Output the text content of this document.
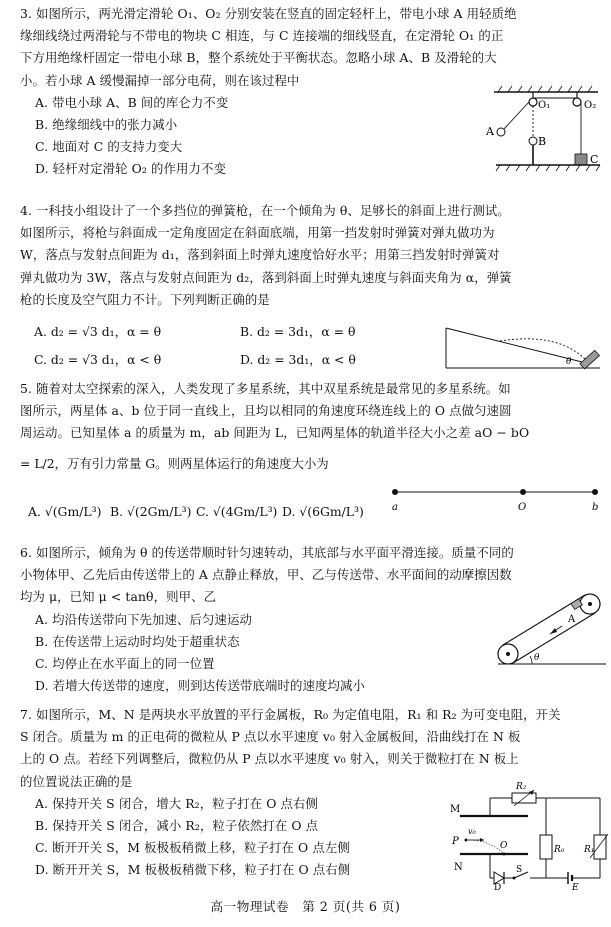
3. 如图所示，两光滑定滑轮 O₁、O₂ 分别安装在竖直的固定轻杆上，带电小球 A 用轻质绝
缘细线绕过两滑轮与不带电的物块 C 相连，与 C 连接端的细线竖直，在定滑轮 O₁ 的正
下方用绝缘杆固定一带电小球 B，整个系统处于平衡状态。忽略小球 A、B 及滑轮的大
小。若小球 A 缓慢漏掉一部分电荷，则在该过程中
A. 带电小球 A、B 间的库仑力不变
B. 绝缘细线中的张力减小
C. 地面对 C 的支持力变大
D. 轻杆对定滑轮 O₂ 的作用力不变
O₁	O₂
A
B
C
4. 一科技小组设计了一个多挡位的弹簧枪，在一个倾角为 θ、足够长的斜面上进行测试。
如图所示，将枪与斜面成一定角度固定在斜面底端，用第一挡发射时弹簧对弹丸做功为
W，落点与发射点间距为 d₁，落到斜面上时弹丸速度恰好水平；用第三挡发射时弹簧对
弹丸做功为 3W，落点与发射点间距为 d₂，落到斜面上时弹丸速度与斜面夹角为 α，弹簧
枪的长度及空气阻力不计。下列判断正确的是
A. d₂ = √3 d₁，α = θ	B. d₂ = 3d₁，α = θ
C. d₂ = √3 d₁，α < θ	D. d₂ = 3d₁，α < θ	θ
5. 随着对太空探索的深入，人类发现了多星系统，其中双星系统是最常见的多星系统。如
图所示，两星体 a、b 位于同一直线上，且均以相同的角速度环绕连线上的 O 点做匀速圆
周运动。已知星体 a 的质量为 m，ab 间距为 L，已知两星体的轨道半径大小之差 aO − bO
= L/2，万有引力常量 G。则两星体运行的角速度大小为
A. √(Gm/L³) B. √(2Gm/L³) C. √(4Gm/L³) D. √(6Gm/L³)	a	O	b
6. 如图所示，倾角为 θ 的传送带顺时针匀速转动，其底部与水平面平滑连接。质量不同的
小物体甲、乙先后由传送带上的 A 点静止释放，甲、乙与传送带、水平面间的动摩擦因数
均为 μ，已知 μ < tanθ，则甲、乙
A. 均沿传送带向下先加速、后匀速运动
B. 在传送带上运动时均处于超重状态
C. 均停止在水平面上的同一位置
D. 若增大传送带的速度，则到达传送带底端时的速度均减小
A
θ
7. 如图所示，M、N 是两块水平放置的平行金属板，R₀ 为定值电阻，R₁ 和 R₂ 为可变电阻，开关
S 闭合。质量为 m 的正电荷的微粒从 P 点以水平速度 v₀ 射入金属板间，沿曲线打在 N 板
上的 O 点。若经下列调整后，微粒仍从 P 点以水平速度 v₀ 射入，则关于微粒打在 N 板上
的位置说法正确的是
A. 保持开关 S 闭合，增大 R₂，粒子打在 O 点右侧
B. 保持开关 S 闭合，减小 R₂，粒子依然打在 O 点
C. 断开开关 S，M 板极板稍微上移，粒子打在 O 点左侧
D. 断开开关 S，M 板极板稍微下移，粒子打在 O 点右侧
M
N
P
v₀
O
R₂
R₀ R₁
D
S
E
高一物理试卷　第 2 页(共 6 页)
